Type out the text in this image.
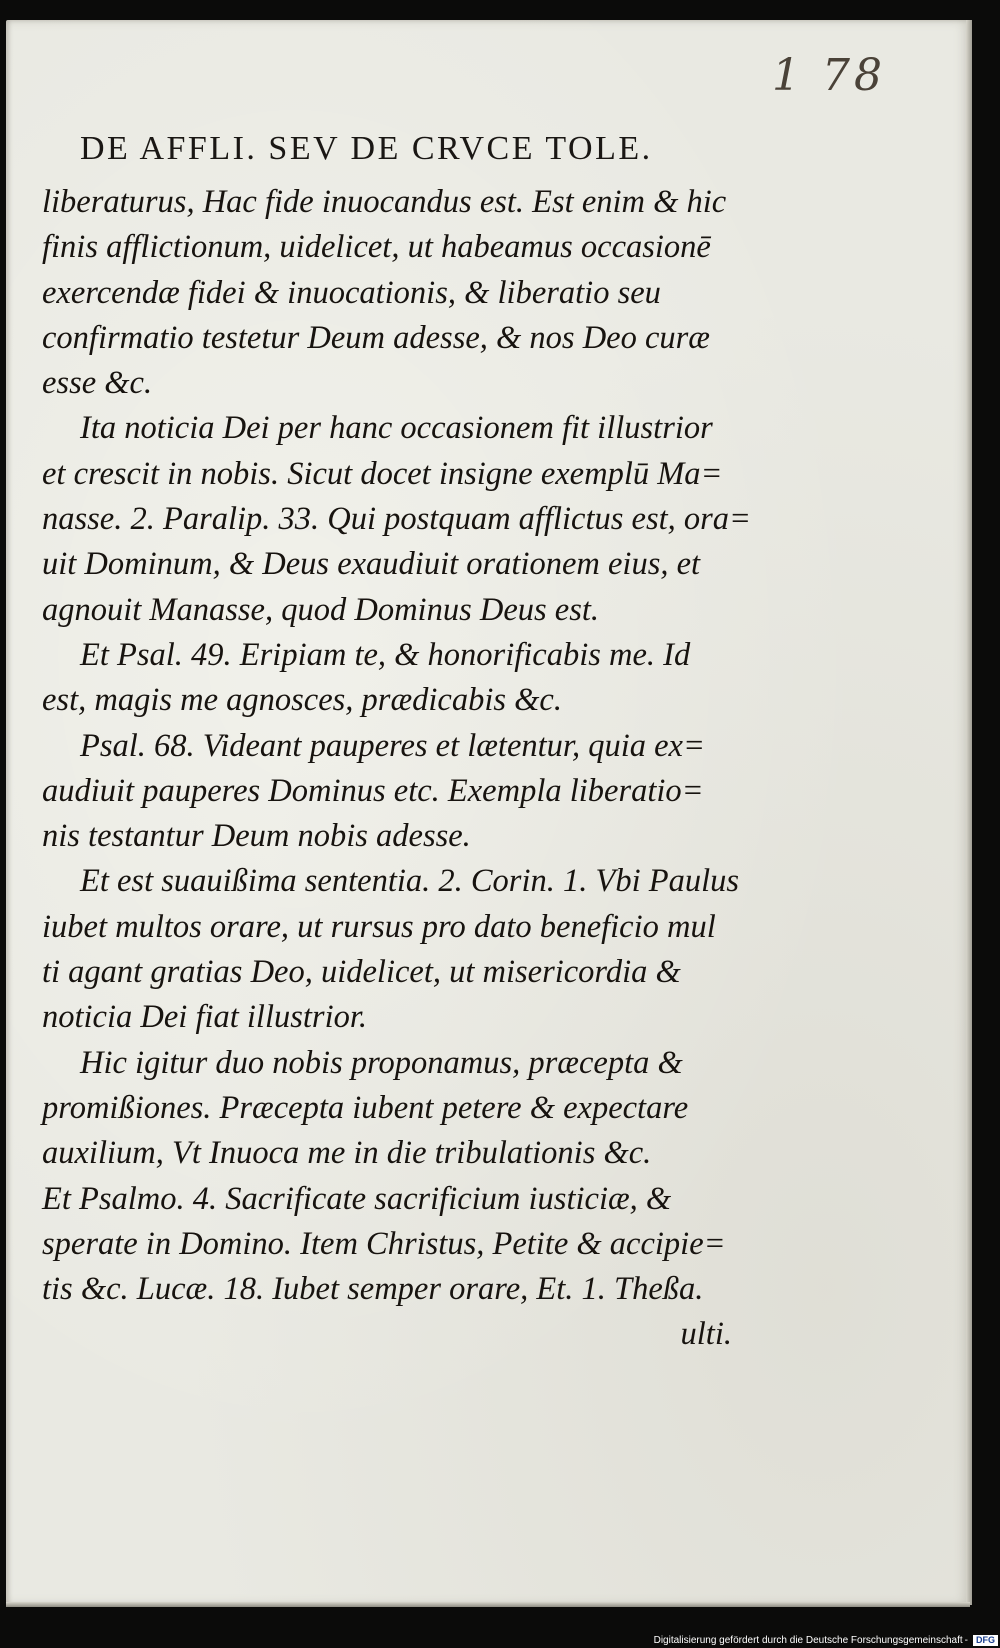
1 78
DE AFFLI. SEV DE CRVCE TOLE.
liberaturus, Hac fide inuocandus est. Est enim & hic
finis afflictionum, uidelicet, ut habeamus occasionē
exercendæ fidei & inuocationis, & liberatio seu
confirmatio testetur Deum adesse, & nos Deo curæ
esse &c.
Ita noticia Dei per hanc occasionem fit illustrior
et crescit in nobis. Sicut docet insigne exemplū Ma=
nasse. 2. Paralip. 33. Qui postquam afflictus est, ora=
uit Dominum, & Deus exaudiuit orationem eius, et
agnouit Manasse, quod Dominus Deus est.
Et Psal. 49. Eripiam te, & honorificabis me. Id
est, magis me agnosces, prædicabis &c.
Psal. 68. Videant pauperes et lætentur, quia ex=
audiuit pauperes Dominus etc. Exempla liberatio=
nis testantur Deum nobis adesse.
Et est suauißima sententia. 2. Corin. 1. Vbi Paulus
iubet multos orare, ut rursus pro dato beneficio mul
ti agant gratias Deo, uidelicet, ut misericordia &
noticia Dei fiat illustrior.
Hic igitur duo nobis proponamus, præcepta &
promißiones. Præcepta iubent petere & expectare
auxilium, Vt Inuoca me in die tribulationis &c.
Et Psalmo. 4. Sacrificate sacrificium iusticiæ, &
sperate in Domino. Item Christus, Petite & accipie=
tis &c. Lucæ. 18. Iubet semper orare, Et. 1. Theßa.
ulti.
Digitalisierung gefördert durch die Deutsche Forschungsgemeinschaft - DFG
